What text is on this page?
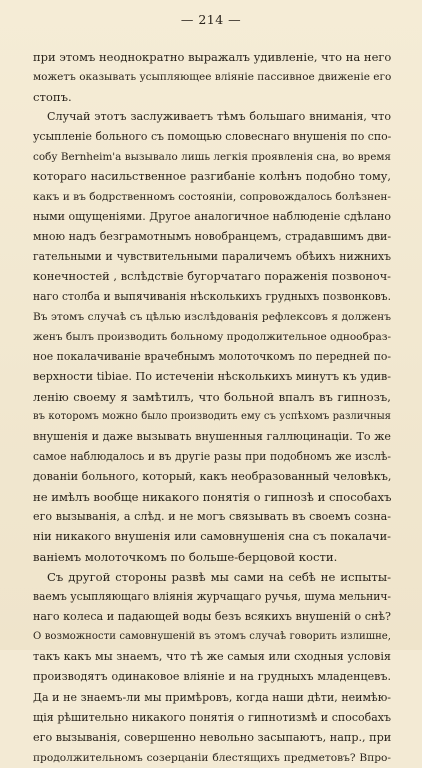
— 214 —
при этомъ неоднократно выражалъ удивленіе, что на него
можетъ оказывать усыпляющее вліяніе пассивное движеніе его
стопъ.
Случай этотъ заслуживаетъ тѣмъ большаго вниманія, что
усыпленіе больного съ помощью словеснаго внушенія по спо-
собу Bernheim'а вызывало лишь легкія проявленія сна, во время
котораго насильственное разгибаніе колѣнъ подобно тому,
какъ и въ бодрственномъ состояніи, сопровождалось болѣзнен-
ными ощущеніями. Другое аналогичное наблюденіе сдѣлано
мною надъ безграмотнымъ новобранцемъ, страдавшимъ дви-
гательными и чувствительными параличемъ обѣихъ нижнихъ
конечностей , вслѣдствіе бугорчатаго пораженія позвоноч-
наго столба и выпячиванія нѣсколькихъ грудныхъ позвонковъ.
Въ этомъ случаѣ съ цѣлью изслѣдованія рефлексовъ я долженъ
женъ былъ производить больному продолжительное однообраз-
ное покалачиваніе врачебнымъ молоточкомъ по передней по-
верхности tibiae. По истеченіи нѣсколькихъ минутъ къ удив-
ленію своему я замѣтилъ, что больной впалъ въ гипнозъ,
въ которомъ можно было производить ему съ успѣхомъ различныя
внушенія и даже вызывать внушенныя галлюцинаціи. То же
самое наблюдалось и въ другіе разы при подобномъ же изслѣ-
дованіи больного, который, какъ необразованный человѣкъ,
не имѣлъ вообще никакого понятія о гипнозѣ и способахъ
его вызыванія, а слѣд. и не могъ связывать въ своемъ созна-
ніи никакого внушенія или самовнушенія сна съ покалачи-
ваніемъ молоточкомъ по больше-берцовой кости.
Съ другой стороны развѣ мы сами на себѣ не испыты-
ваемъ усыпляющаго вліянія журчащаго ручья, шума мельнич-
наго колеса и падающей воды безъ всякихъ внушеній о снѣ?
О возможности самовнушеній въ этомъ случаѣ говорить излишне,
такъ какъ мы знаемъ, что тѣ же самыя или сходныя условія
производятъ одинаковое вліяніе и на грудныхъ младенцевъ.
Да и не знаемъ-ли мы примѣровъ, когда наши дѣти, неимѣю-
щія рѣшительно никакого понятія о гипнотизмѣ и способахъ
его вызыванія, совершенно невольно засыпаютъ, напр., при
продолжительномъ созерцаніи блестящихъ предметовъ? Впро-
